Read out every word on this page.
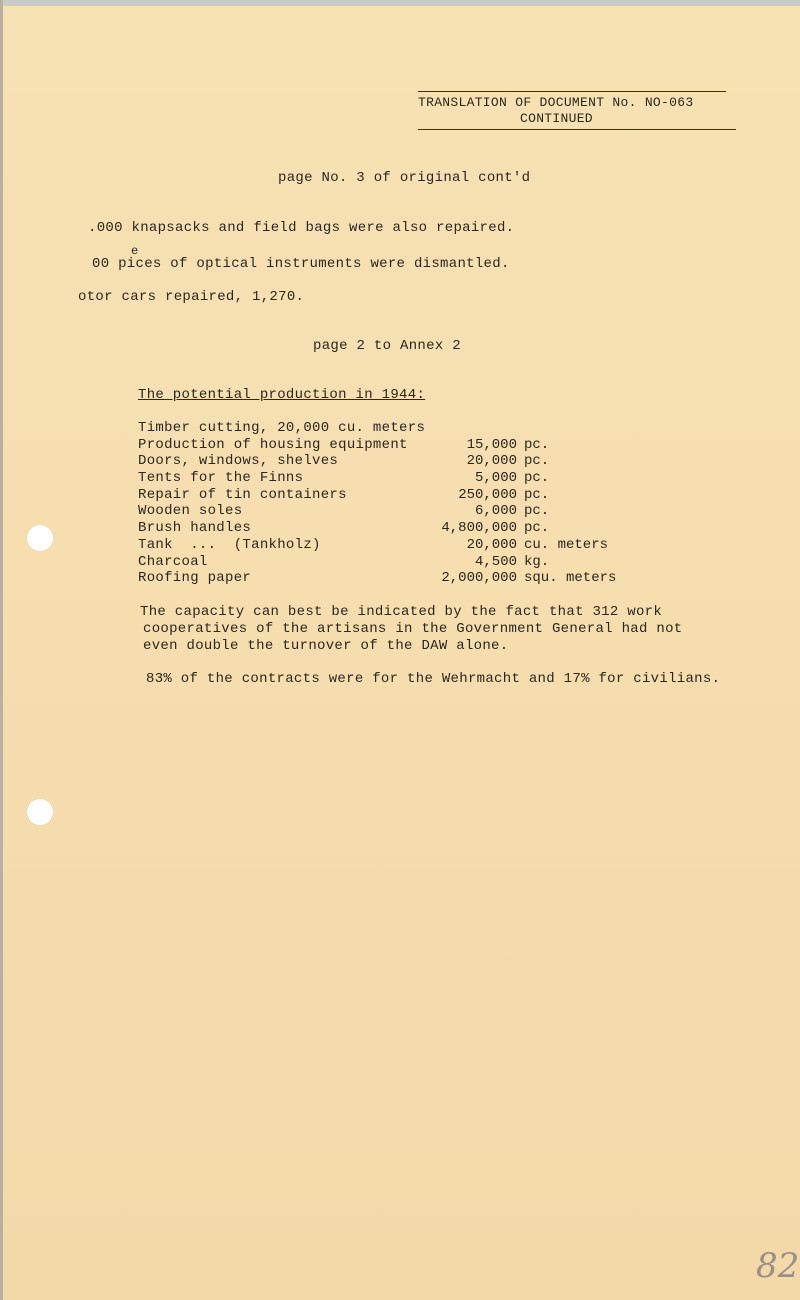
TRANSLATION OF DOCUMENT No. NO-063
CONTINUED
page No. 3 of original cont'd
.000 knapsacks and field bags were also repaired.
e
00 pices of optical instruments were dismantled.
otor cars repaired, 1,270.
page 2 to Annex 2
The potential production in 1944:
Timber cutting, 20,000 cu. meters
Production of housing equipment	15,000 pc.
Doors, windows, shelves	20,000 pc.
Tents for the Finns	5,000 pc.
Repair of tin containers	250,000 pc.
Wooden soles	6,000 pc.
Brush handles	4,800,000 pc.
Tank  ...  (Tankholz)	20,000 cu. meters
Charcoal	4,500 kg.
Roofing paper	2,000,000 squ. meters
The capacity can best be indicated by the fact that 312 work
cooperatives of the artisans in the Government General had not
even double the turnover of the DAW alone.
83% of the contracts were for the Wehrmacht and 17% for civilians.
82
